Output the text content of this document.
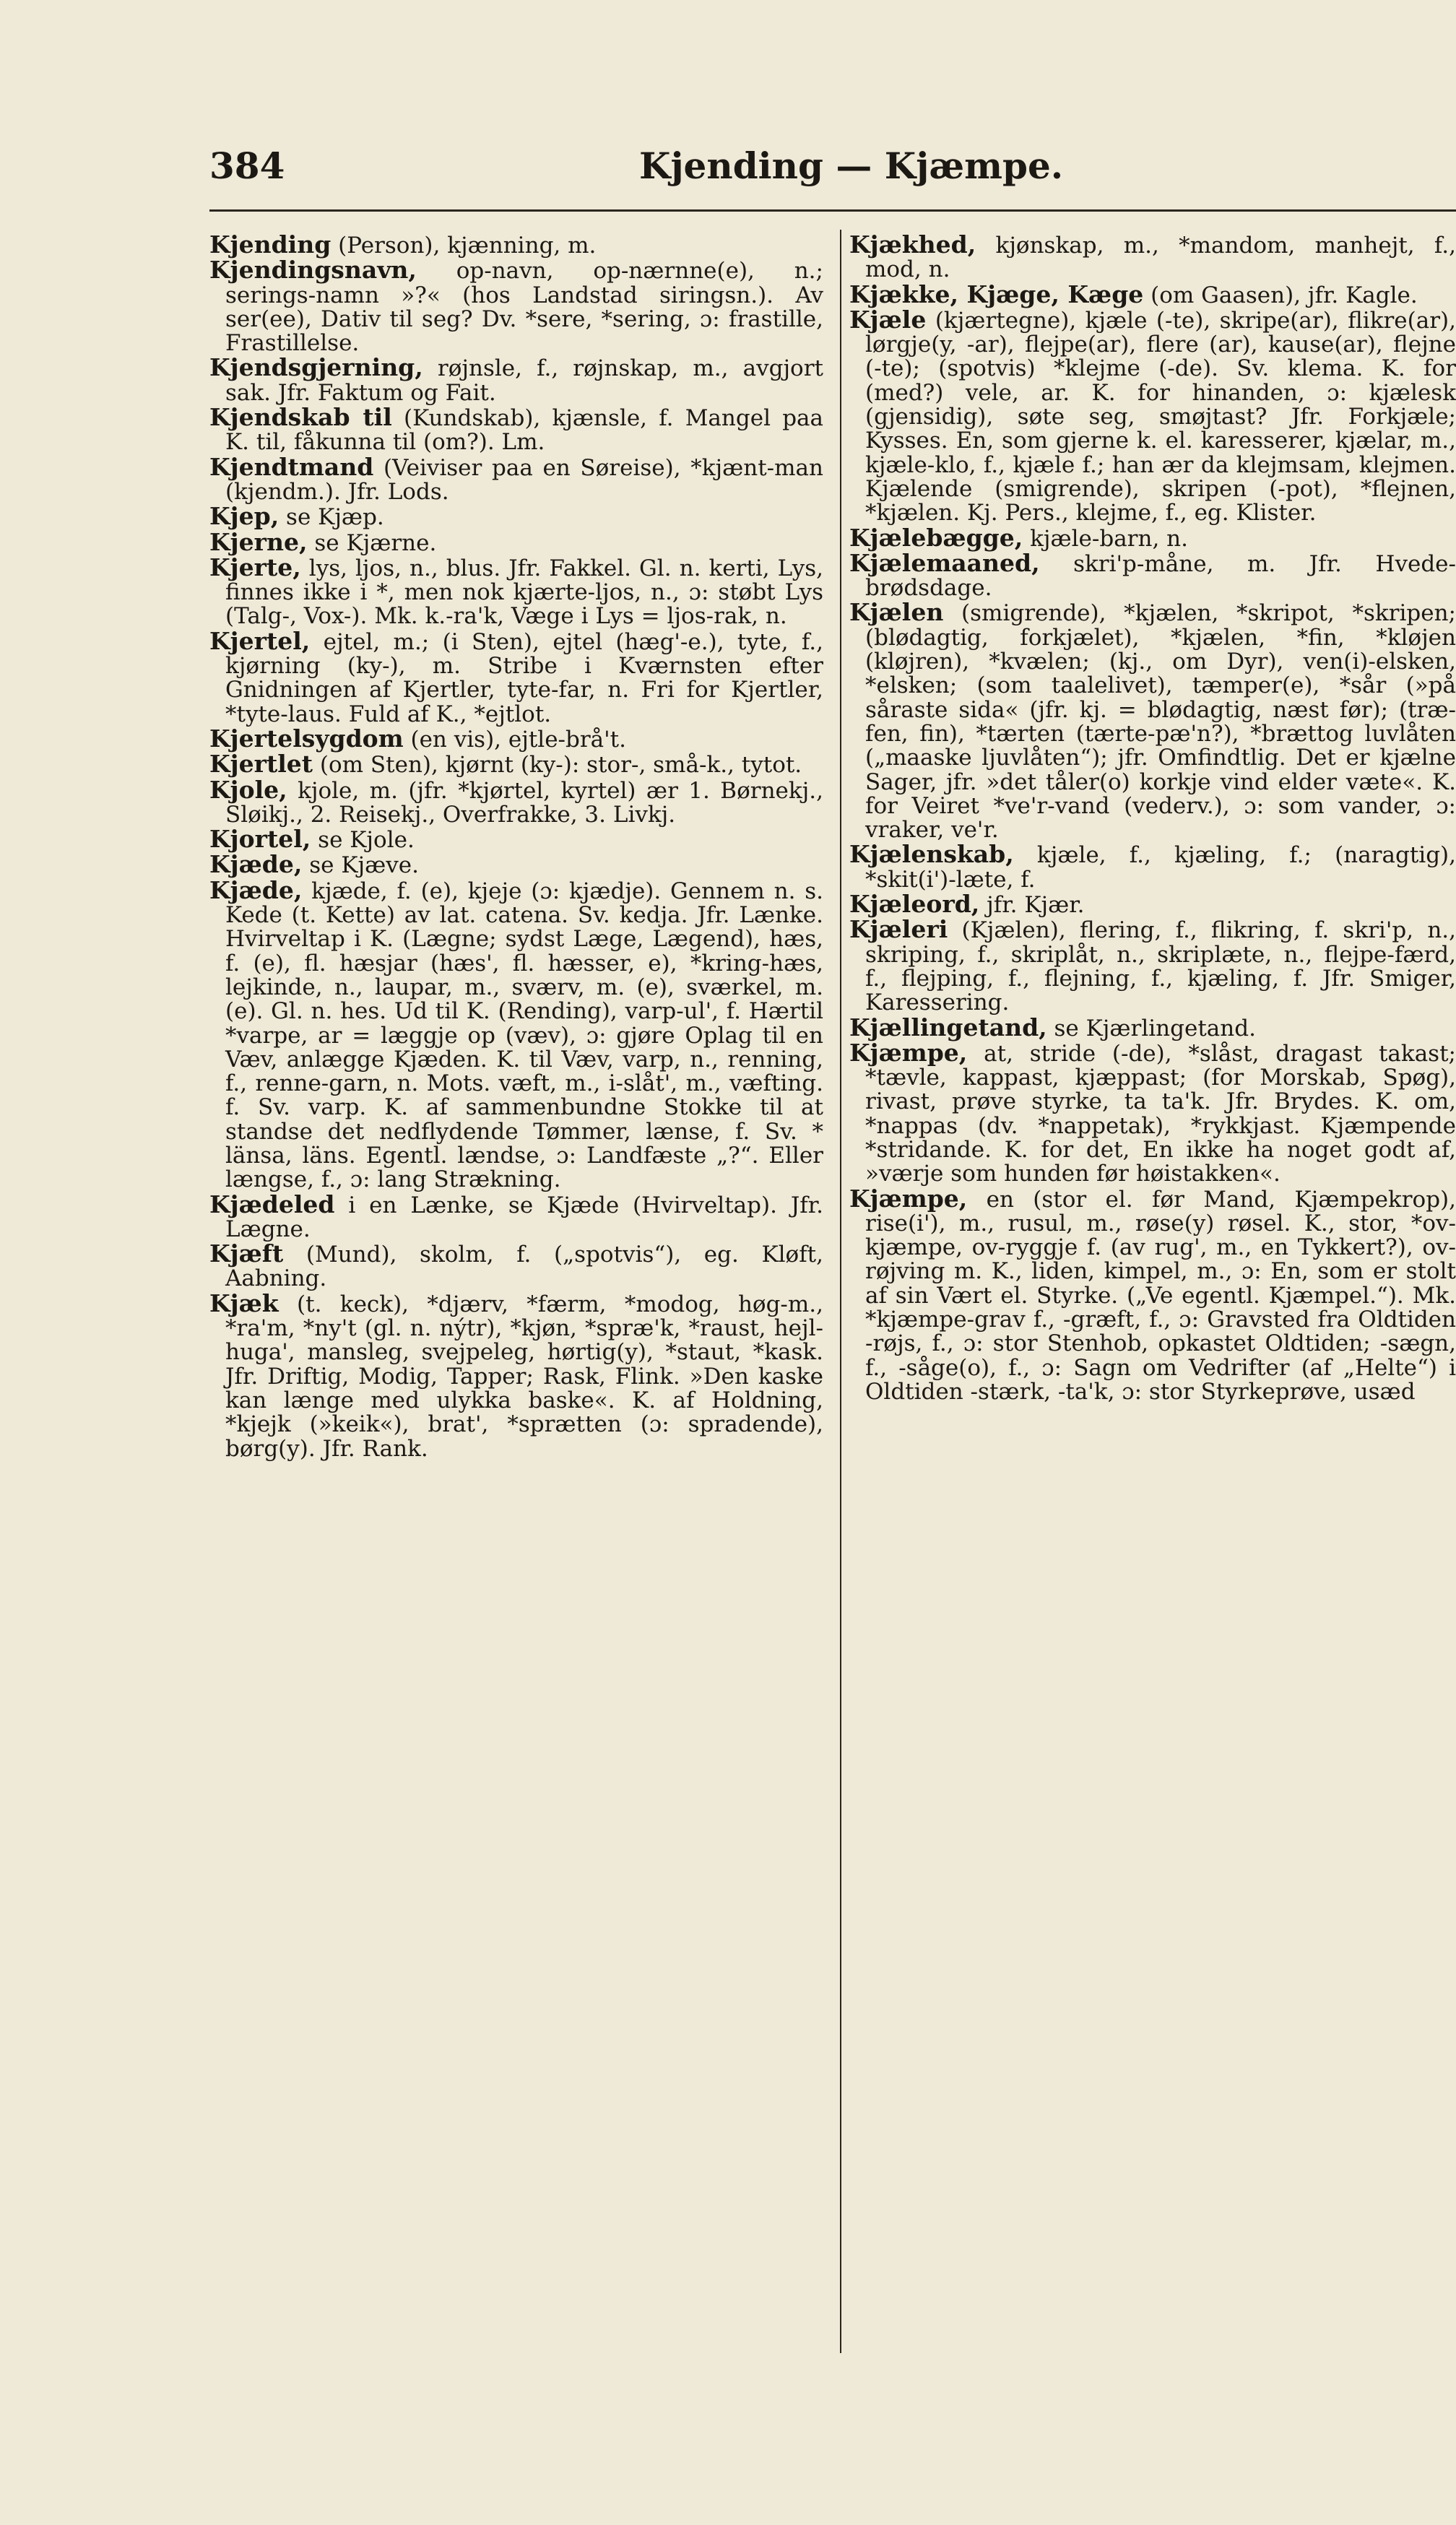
384	Kjending — Kjæmpe.

Kjending (Person), kjænning, m.

Kjendingsnavn, op-navn, op-nærnne(e), n.; serings-namn »?« (hos Landstad siringsn.). Av ser(ee), Dativ til seg? Dv. *sere, *sering, ɔ: frastille, Frastillelse.

Kjendsgjerning, røjnsle, f., røjnskap, m., avgjort sak. Jfr. Faktum og Fait.

Kjendskab til (Kundskab), kjænsle, f. Mangel paa K. til, fåkunna til (om?). Lm.

Kjendtmand (Veiviser paa en Søreise), *kjænt-man (kjendm.). Jfr. Lods.

Kjep, se Kjæp.

Kjerne, se Kjærne.

Kjerte, lys, ljos, n., blus. Jfr. Fakkel. Gl. n. kerti, Lys, finnes ikke i *, men nok kjærte-ljos, n., ɔ: støbt Lys (Talg-, Vox-). Mk. k.-ra'k, Væge i Lys = ljos-rak, n.

Kjertel, ejtel, m.; (i Sten), ejtel (hæg'-e.), tyte, f., kjørning (ky-), m. Stribe i Kværnsten efter Gnidningen af Kjertler, tyte-far, n. Fri for Kjertler, *tyte-laus. Fuld af K., *ejtlot.

Kjertelsygdom (en vis), ejtle-brå't.

Kjertlet (om Sten), kjørnt (ky-): stor-, små-k., tytot.

Kjole, kjole, m. (jfr. *kjørtel, kyrtel) ær 1. Børnekj., Sløikj., 2. Reisekj., Overfrakke, 3. Livkj.

Kjortel, se Kjole.

Kjæde, se Kjæve.

Kjæde, kjæde, f. (e), kjeje (ɔ: kjædje). Gennem n. s. Kede (t. Kette) av lat. catena. Sv. kedja. Jfr. Lænke. Hvirveltap i K. (Lægne; sydst Læge, Lægend), hæs, f. (e), fl. hæsjar (hæs', fl. hæsser, e), *kring-hæs, lejkinde, n., laupar, m., sværv, m. (e), sværkel, m. (e). Gl. n. hes. Ud til K. (Rending), varp-ul', f. Hærtil *varpe, ar = læggje op (væv), ɔ: gjøre Oplag til en Væv, anlægge Kjæden. K. til Væv, varp, n., renning, f., renne-garn, n. Mots. væft, m., i-slåt', m., væfting. f. Sv. varp. K. af sammenbundne Stokke til at standse det nedflydende Tømmer, lænse, f. Sv. * länsa, läns. Egentl. lændse, ɔ: Landfæste „?“. Eller længse, f., ɔ: lang Strækning.

Kjædeled i en Lænke, se Kjæde (Hvirveltap). Jfr. Lægne.

Kjæft (Mund), skolm, f. („spotvis“), eg. Kløft, Aabning.

Kjæk (t. keck), *djærv, *færm, *modog, høg-m., *ra'm, *ny't (gl. n. nýtr), *kjøn, *spræ'k, *raust, hejl-huga', mansleg, svejpeleg, hørtig(y), *staut, *kask. Jfr. Driftig, Modig, Tapper; Rask, Flink. »Den kaske kan længe med ulykka baske«. K. af Holdning, *kjejk (»keik«), brat', *sprætten (ɔ: spradende), børg(y). Jfr. Rank.

Kjækhed, kjønskap, m., *mandom, manhejt, f., mod, n.

Kjække, Kjæge, Kæge (om Gaasen), jfr. Kagle.

Kjæle (kjærtegne), kjæle (-te), skripe(ar), flikre(ar), lørgje(y, -ar), flejpe(ar), flere (ar), kause(ar), flejne (-te); (spotvis) *klejme (-de). Sv. klema. K. for (med?) vele, ar. K. for hinanden, ɔ: kjælesk (gjensidig), søte seg, smøjtast? Jfr. Forkjæle; Kysses. En, som gjerne k. el. karesserer, kjælar, m., kjæle-klo, f., kjæle f.; han ær da klejmsam, klejmen. Kjælende (smigrende), skripen (-pot), *flejnen, *kjælen. Kj. Pers., klejme, f., eg. Klister.

Kjælebægge, kjæle-barn, n.

Kjælemaaned, skri'p-måne, m. Jfr. Hvedebrødsdage.

Kjælen (smigrende), *kjælen, *skripot, *skripen; (blødagtig, forkjælet), *kjælen, *fin, *kløjen (kløjren), *kvælen; (kj., om Dyr), ven(i)-elsken, *elsken; (som taalelivet), tæmper(e), *sår (»på såraste sida« (jfr. kj. = blødagtig, næst før); (træfen, fin), *tærten (tærte-pæ'n?), *brættog luvlåten („maaske ljuvlåten“); jfr. Omfindtlig. Det er kjælne Sager, jfr. »det tåler(o) korkje vind elder væte«. K. for Veiret *ve'r-vand (vederv.), ɔ: som vander, ɔ: vraker, ve'r.

Kjælenskab, kjæle, f., kjæling, f.; (naragtig), *skit(i')-læte, f.

Kjæleord, jfr. Kjær.

Kjæleri (Kjælen), flering, f., flikring, f. skri'p, n., skriping, f., skriplåt, n., skriplæte, n., flejpe-færd, f., flejping, f., flejning, f., kjæling, f. Jfr. Smiger, Karessering.

Kjællingetand, se Kjærlingetand.

Kjæmpe, at, stride (-de), *slåst, dragast takast; *tævle, kappast, kjæppast; (for Morskab, Spøg), rivast, prøve styrke, ta ta'k. Jfr. Brydes. K. om, *nappas (dv. *nappetak), *rykkjast. Kjæmpende *stridande. K. for det, En ikke ha noget godt af, »værje som hunden før høistakken«.

Kjæmpe, en (stor el. før Mand, Kjæmpekrop), rise(i'), m., rusul, m., røse(y) røsel. K., stor, *ov-kjæmpe, ov-ryggje f. (av rug', m., en Tykkert?), ov-røjving m. K., liden, kimpel, m., ɔ: En, som er stolt af sin Vært el. Styrke. („Ve egentl. Kjæmpel.“). Mk. *kjæmpe-grav f., -græft, f., ɔ: Gravsted fra Oldtiden -røjs, f., ɔ: stor Stenhob, opkastet Oldtiden; -sægn, f., -såge(o), f., ɔ: Sagn om Vedrifter (af „Helte“) i Oldtiden -stærk, -ta'k, ɔ: stor Styrkeprøve, usæd
